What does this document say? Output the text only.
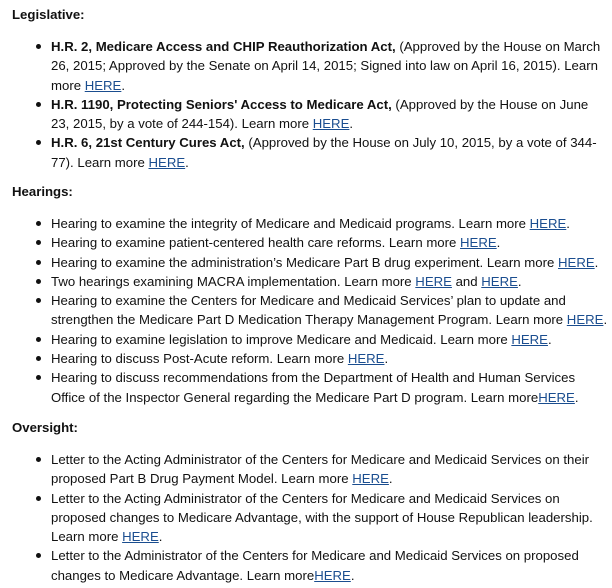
Legislative:

H.R. 2, Medicare Access and CHIP Reauthorization Act, (Approved by the House on March 26, 2015; Approved by the Senate on April 14, 2015; Signed into law on April 16, 2015). Learn more HERE.
H.R. 1190, Protecting Seniors' Access to Medicare Act, (Approved by the House on June 23, 2015, by a vote of 244-154). Learn more HERE.
H.R. 6, 21st Century Cures Act, (Approved by the House on July 10, 2015, by a vote of 344-77). Learn more HERE.

Hearings:

Hearing to examine the integrity of Medicare and Medicaid programs. Learn more HERE.
Hearing to examine patient-centered health care reforms. Learn more HERE.
Hearing to examine the administration’s Medicare Part B drug experiment. Learn more HERE.
Two hearings examining MACRA implementation. Learn more HERE and HERE.
Hearing to examine the Centers for Medicare and Medicaid Services’ plan to update and strengthen the Medicare Part D Medication Therapy Management Program. Learn more HERE.
Hearing to examine legislation to improve Medicare and Medicaid. Learn more HERE.
Hearing to discuss Post-Acute reform. Learn more HERE.
Hearing to discuss recommendations from the Department of Health and Human Services Office of the Inspector General regarding the Medicare Part D program. Learn moreHERE.

Oversight:

Letter to the Acting Administrator of the Centers for Medicare and Medicaid Services on their proposed Part B Drug Payment Model. Learn more HERE.
Letter to the Acting Administrator of the Centers for Medicare and Medicaid Services on proposed changes to Medicare Advantage, with the support of House Republican leadership. Learn more HERE.
Letter to the Administrator of the Centers for Medicare and Medicaid Services on proposed changes to Medicare Advantage. Learn moreHERE.
